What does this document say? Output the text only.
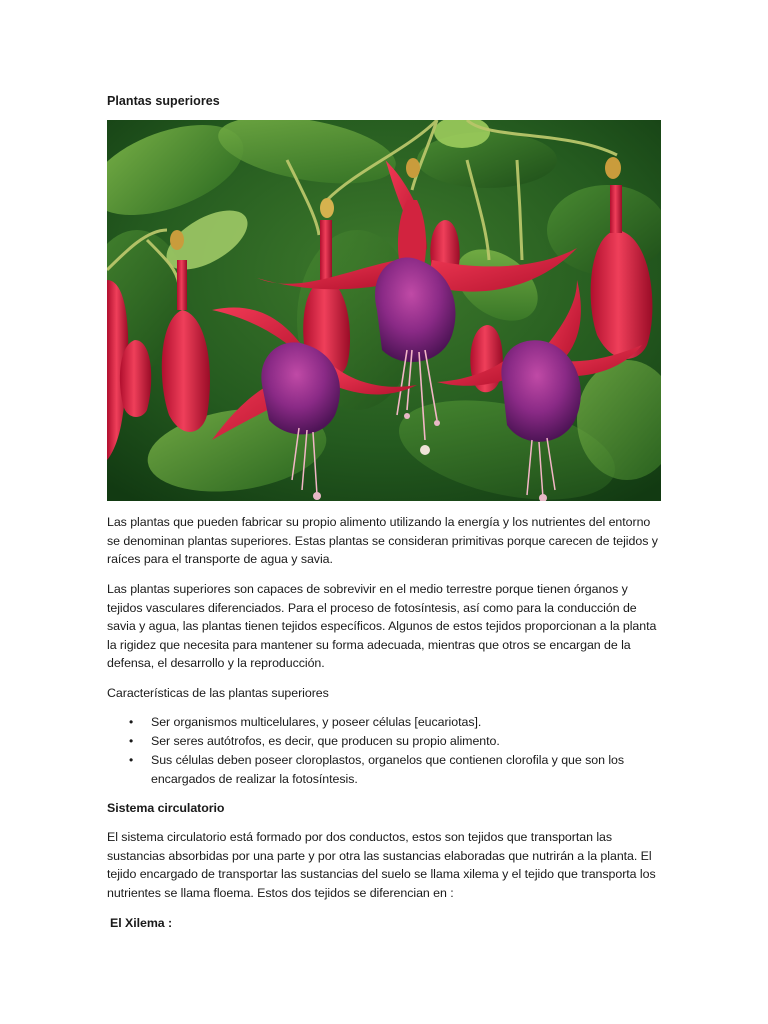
Plantas superiores

Las plantas que pueden fabricar su propio alimento utilizando la energía y los nutrientes del entorno se denominan plantas superiores. Estas plantas se consideran primitivas porque carecen de tejidos y raíces para el transporte de agua y savia.

Las plantas superiores son capaces de sobrevivir en el medio terrestre porque tienen órganos y tejidos vasculares diferenciados. Para el proceso de fotosíntesis, así como para la conducción de savia y agua, las plantas tienen tejidos específicos. Algunos de estos tejidos proporcionan a la planta la rigidez que necesita para mantener su forma adecuada, mientras que otros se encargan de la defensa, el desarrollo y la reproducción.

Características de las plantas superiores

• Ser organismos multicelulares, y poseer células [eucariotas].
• Ser seres autótrofos, es decir, que producen su propio alimento.
• Sus células deben poseer cloroplastos, organelos que contienen clorofila y que son los encargados de realizar la fotosíntesis.

Sistema circulatorio

El sistema circulatorio está formado por dos conductos, estos son tejidos que transportan las sustancias absorbidas por una parte y por otra las sustancias elaboradas que nutrirán a la planta. El tejido encargado de transportar las sustancias del suelo se llama xilema y el tejido que transporta los nutrientes se llama floema. Estos dos tejidos se diferencian en :

El Xilema :
